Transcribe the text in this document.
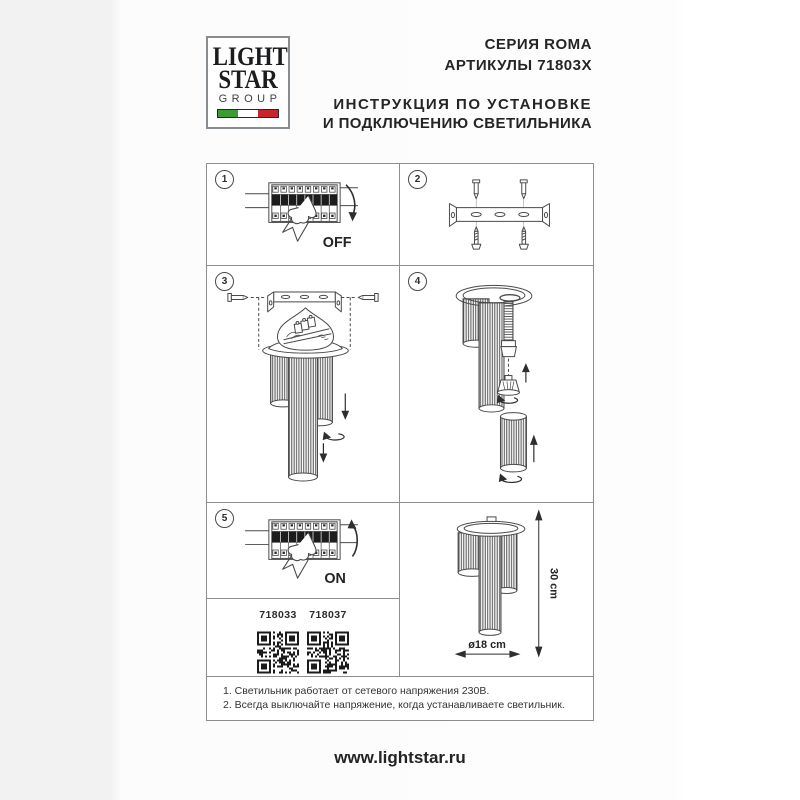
LIGHT
STAR
GROUP
СЕРИЯ ROMA
АРТИКУЛЫ 71803X
ИНСТРУКЦИЯ ПО УСТАНОВКЕ
И ПОДКЛЮЧЕНИЮ СВЕТИЛЬНИКА
1
OFF
2
3	4
5
ON
718033 718037
30 cm
ø18 cm
1. Светильник работает от сетевого напряжения 230В.
2. Всегда выключайте напряжение, когда устанавливаете светильник.
www.lightstar.ru
